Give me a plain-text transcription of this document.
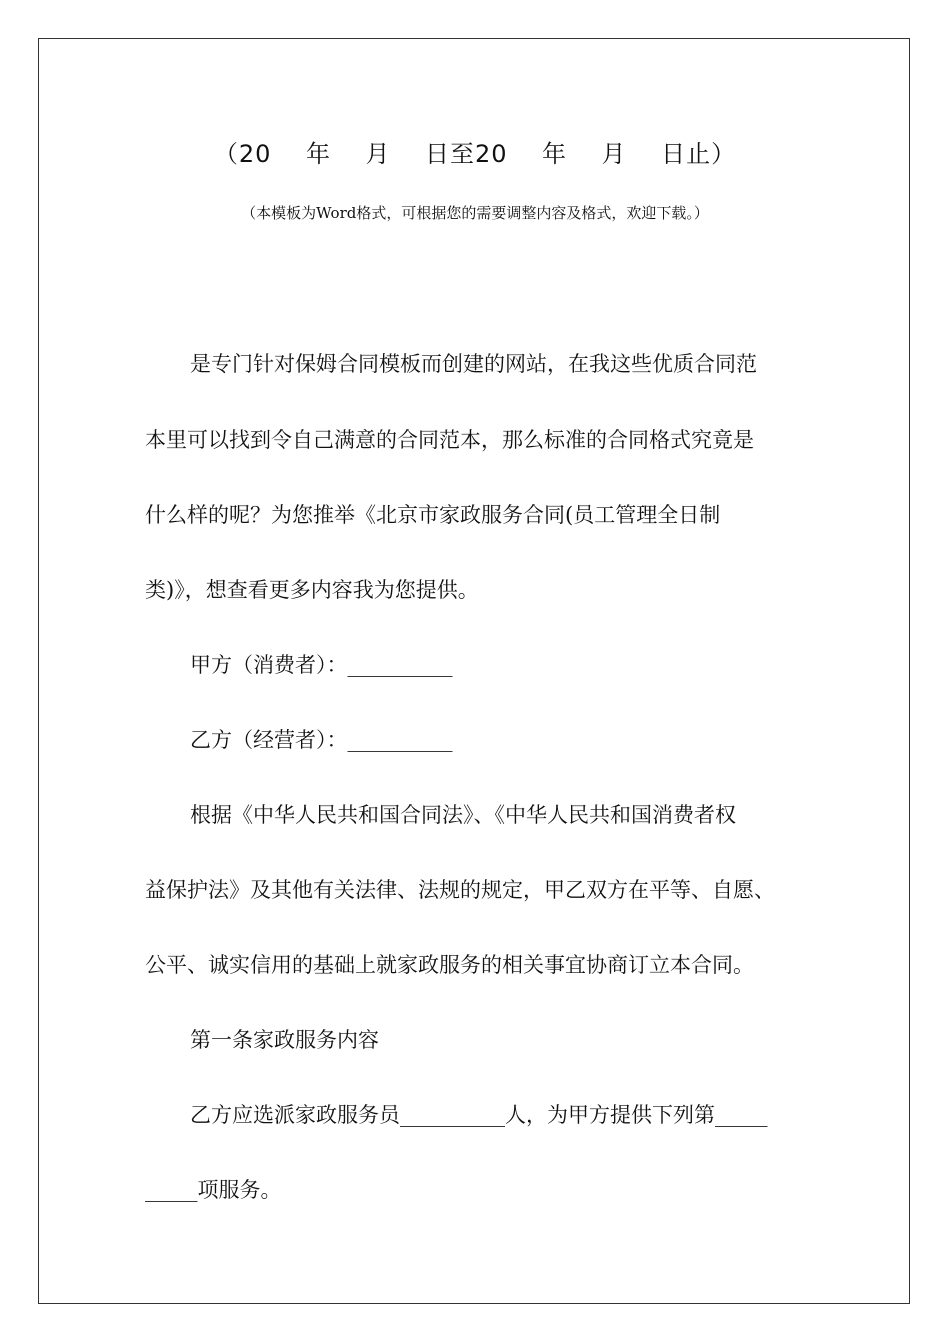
（20    年    月    日至20    年    月    日止）
（本模板为Word格式，可根据您的需要调整内容及格式，欢迎下载。）
是专门针对保姆合同模板而创建的网站，在我这些优质合同范
本里可以找到令自己满意的合同范本，那么标准的合同格式究竟是
什么样的呢？为您推举《北京市家政服务合同(员工管理全日制
类)》，想查看更多内容我为您提供。
甲方（消费者）：__________
乙方（经营者）：__________
根据《中华人民共和国合同法》、《中华人民共和国消费者权
益保护法》及其他有关法律、法规的规定，甲乙双方在平等、自愿、
公平、诚实信用的基础上就家政服务的相关事宜协商订立本合同。
第一条家政服务内容
乙方应选派家政服务员__________人，为甲方提供下列第_____
_____项服务。
